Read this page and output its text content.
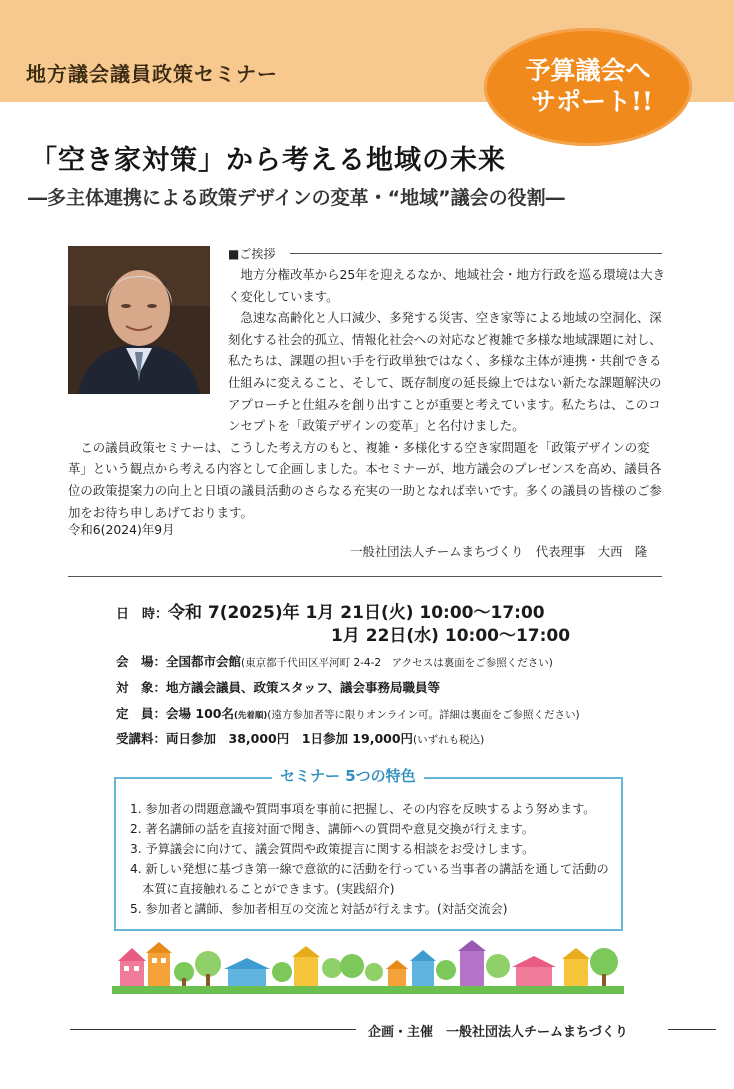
地方議会議員政策セミナー	予算議会へ
サポート!!
「空き家対策」から考える地域の未来
―多主体連携による政策デザインの変革・“地域”議会の役割―
■ご挨拶

地方分権改革から25年を迎えるなか、地域社会・地方行政を巡る環境は大きく変化しています。

急速な高齢化と人口減少、多発する災害、空き家等による地域の空洞化、深刻化する社会的孤立、情報化社会への対応など複雑で多様な地域課題に対し、私たちは、課題の担い手を行政単独ではなく、多様な主体が連携・共創できる仕組みに変えること、そして、既存制度の延長線上ではない新たな課題解決のアプローチと仕組みを創り出すことが重要と考えています。私たちは、このコンセプトを「政策デザインの変革」と名付けました。

この議員政策セミナーは、こうした考え方のもと、複雑・多様化する空き家問題を「政策デザインの変革」という観点から考える内容として企画しました。本セミナーが、地方議会のプレゼンスを高め、議員各位の政策提案力の向上と日頃の議員活動のさらなる充実の一助となれば幸いです。多くの議員の皆様のご参加をお待ち申しあげております。

令和6(2024)年9月
一般社団法人チームまちづくり　代表理事　大西　隆
日　時：令和 7(2025)年 1月 21日(火) 10:00～17:00
1月 22日(水) 10:00～17:00
会　場：全国都市会館(東京都千代田区平河町 2-4-2　アクセスは裏面をご参照ください)
対　象：地方議会議員、政策スタッフ、議会事務局職員等
定　員：会場 100名(先着順)(遠方参加者等に限りオンライン可。詳細は裏面をご参照ください)
受講料：両日参加　38,000円　1日参加 19,000円(いずれも税込)
セミナー 5つの特色
1. 参加者の問題意識や質問事項を事前に把握し、その内容を反映するよう努めます。
2. 著名講師の話を直接対面で聞き、講師への質問や意見交換が行えます。
3. 予算議会に向けて、議会質問や政策提言に関する相談をお受けします。
4. 新しい発想に基づき第一線で意欲的に活動を行っている当事者の講話を通して活動の
　本質に直接触れることができます。(実践紹介)
5. 参加者と講師、参加者相互の交流と対話が行えます。(対話交流会)
企画・主催　一般社団法人チームまちづくり
